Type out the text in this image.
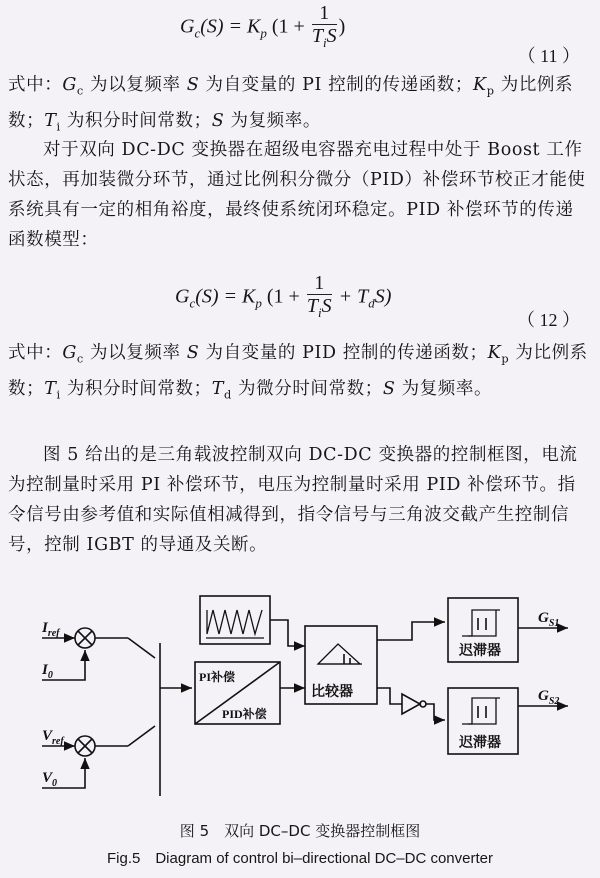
$G_c(S) = K_p$ ($1 + \frac{1}{T_iS}$ )
（ 11 ）

式中：$G_c$ 为以复频率 S 为自变量的 PI 控制的传递函数；$K_p$ 为比例系数；$T_i$ 为积分时间常数；S 为复频率。

对于双向 DC-DC 变换器在超级电容器充电过程中处于 Boost 工作状态，再加装微分环节，通过比例积分微分（PID）补偿环节校正才能使系统具有一定的相角裕度，最终使系统闭环稳定。PID 补偿环节的传递函数模型：

$G_c(S) = K_p$ $(1 + \frac{1}{T_iS} + T_dS)$
（ 12 ）

式中：$G_c$ 为以复频率 S 为自变量的 PID 控制的传递函数；$K_p$ 为比例系数；$T_i$ 为积分时间常数；$T_d$ 为微分时间常数；S 为复频率。

图 5 给出的是三角载波控制双向 DC-DC 变换器的控制框图，电流为控制量时采用 PI 补偿环节，电压为控制量时采用 PID 补偿环节。指令信号由参考值和实际值相减得到，指令信号与三角波交截产生控制信号，控制 IGBT 的导通及关断。

$I_{ref}$
$I_0$
$V_{ref}$
$V_0$
PI补偿
PID补偿
比较器
迟滞器
迟滞器
$G_{S1}$
$G_{S2}$
图 5　双向 DC–DC 变换器控制框图
Fig.5　Diagram of control bi–directional DC–DC converter
